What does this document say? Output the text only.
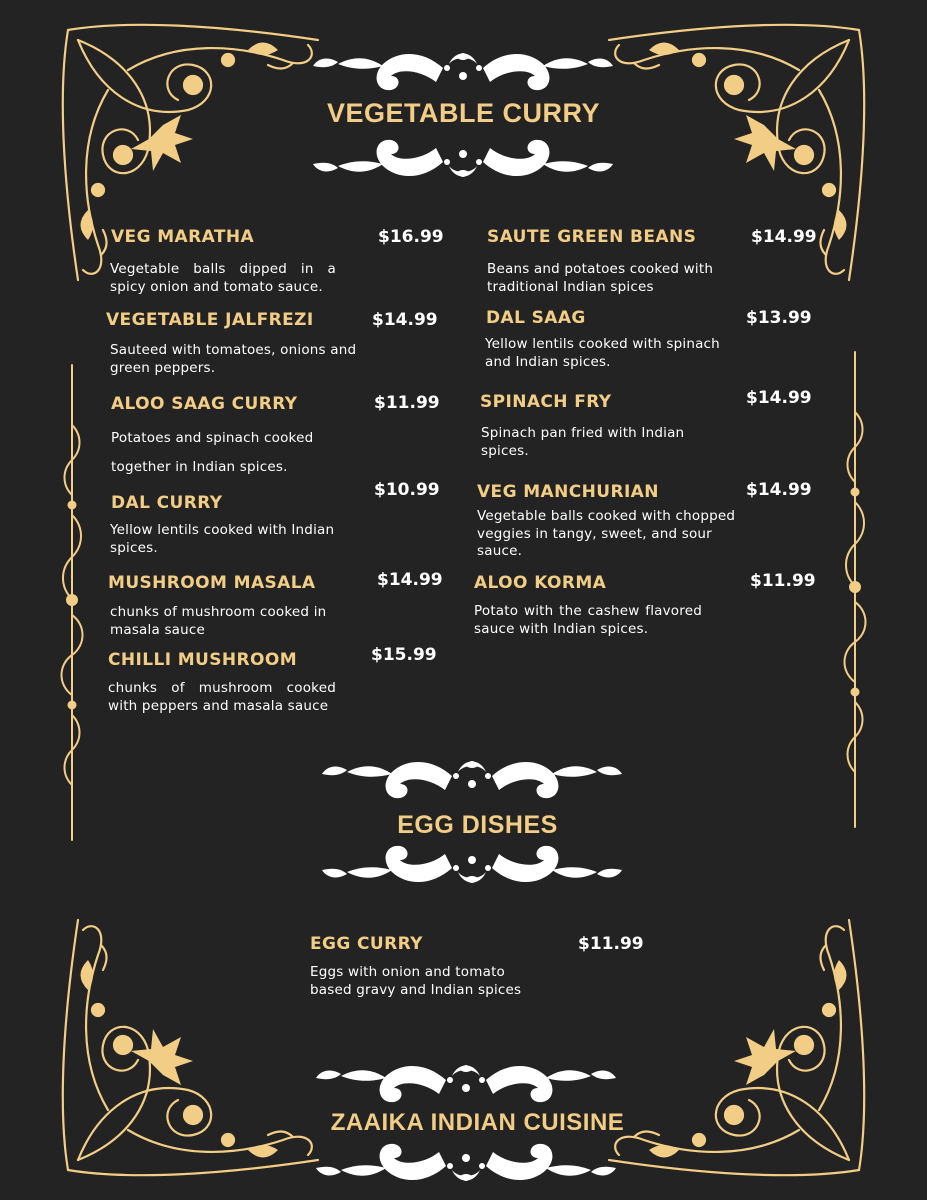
VEGETABLE CURRY
EGG DISHES
ZAAIKA INDIAN CUISINE
VEG MARATHA	$16.99
Vegetable balls dipped in a spicy onion and tomato sauce.
VEGETABLE JALFREZI	$14.99
Sauteed with tomatoes, onions and green peppers.
ALOO SAAG CURRY	$11.99
Potatoes and spinach cooked
together in Indian spices.
DAL CURRY
$10.99
Yellow lentils cooked with Indian spices.
MUSHROOM MASALA	$14.99
chunks of mushroom cooked in masala sauce
CHILLI MUSHROOM	$15.99
chunks of mushroom cooked with peppers and masala sauce
SAUTE GREEN BEANS	$14.99
Beans and potatoes cooked with traditional Indian spices
DAL SAAG	$13.99
Yellow lentils cooked with spinach and Indian spices.
SPINACH FRY	$14.99
Spinach pan fried with Indian spices.
VEG MANCHURIAN	$14.99
Vegetable balls cooked with chopped veggies in tangy, sweet, and sour sauce.
ALOO KORMA	$11.99
Potato with the cashew flavored sauce with Indian spices.
EGG CURRY	$11.99
Eggs with onion and tomato based gravy and Indian spices
